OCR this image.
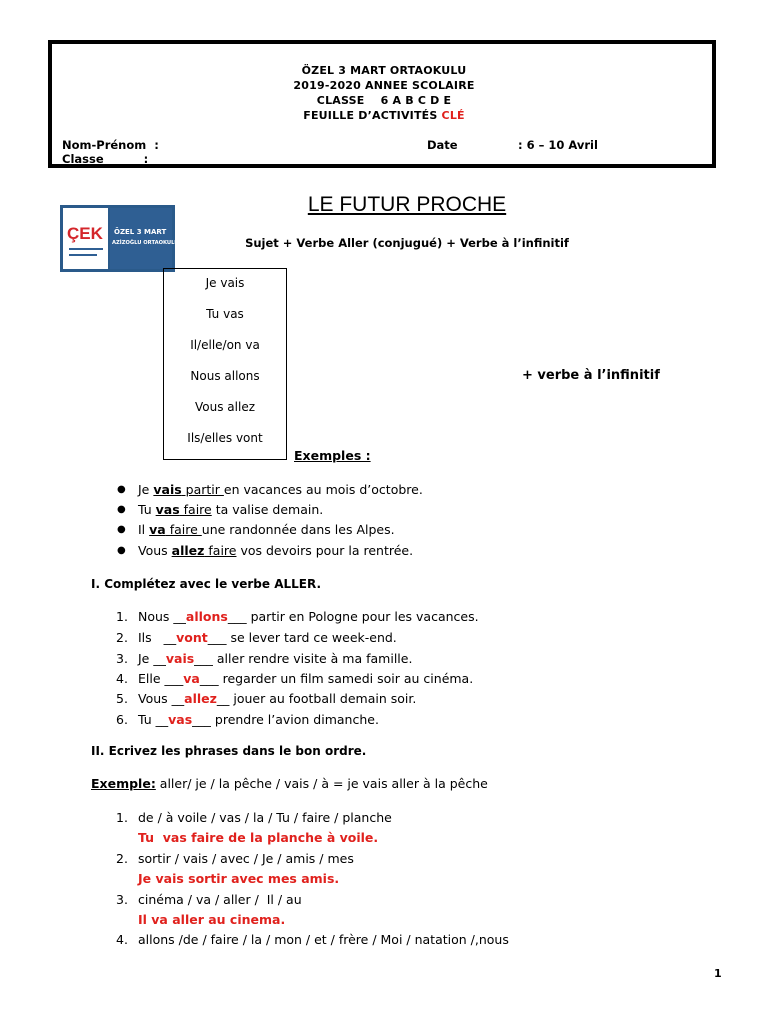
ÖZEL 3 MART ORTAOKULU
2019-2020 ANNEE SCOLAIRE
CLASSE    6 A B C D E
FEUILLE D’ACTIVITÉS CLÉ
Nom-Prénom  :
Classe          :
Date	: 6 – 10 Avril
ÇEK ÖZEL 3 MART
AZİZOĞLU ORTAOKULU
LE FUTUR PROCHE
Sujet + Verbe Aller (conjugué) + Verbe à l’infinitif
Je vais
Tu vas
Il/elle/on va
Nous allons
Vous allez
Ils/elles vont
+ verbe à l’infinitif
Exemples :
● Je vais partir en vacances au mois d’octobre.
● Tu vas faire ta valise demain.
● Il va faire une randonnée dans les Alpes.
● Vous allez faire vos devoirs pour la rentrée.
I. Complétez avec le verbe ALLER.
1. Nous __allons___ partir en Pologne pour les vacances.
2. Ils   __vont___ se lever tard ce week-end.
3. Je __vais___ aller rendre visite à ma famille.
4. Elle ___va___ regarder un film samedi soir au cinéma.
5. Vous __allez__ jouer au football demain soir.
6. Tu __vas___ prendre l’avion dimanche.
II. Ecrivez les phrases dans le bon ordre.
Exemple: aller/ je / la pêche / vais / à = je vais aller à la pêche
1. de / à voile / vas / la / Tu / faire / planche
Tu  vas faire de la planche à voile.
2. sortir / vais / avec / Je / amis / mes
Je vais sortir avec mes amis.
3. cinéma / va / aller /  Il / au
Il va aller au cinema.
4. allons /de / faire / la / mon / et / frère / Moi / natation /,nous
1
